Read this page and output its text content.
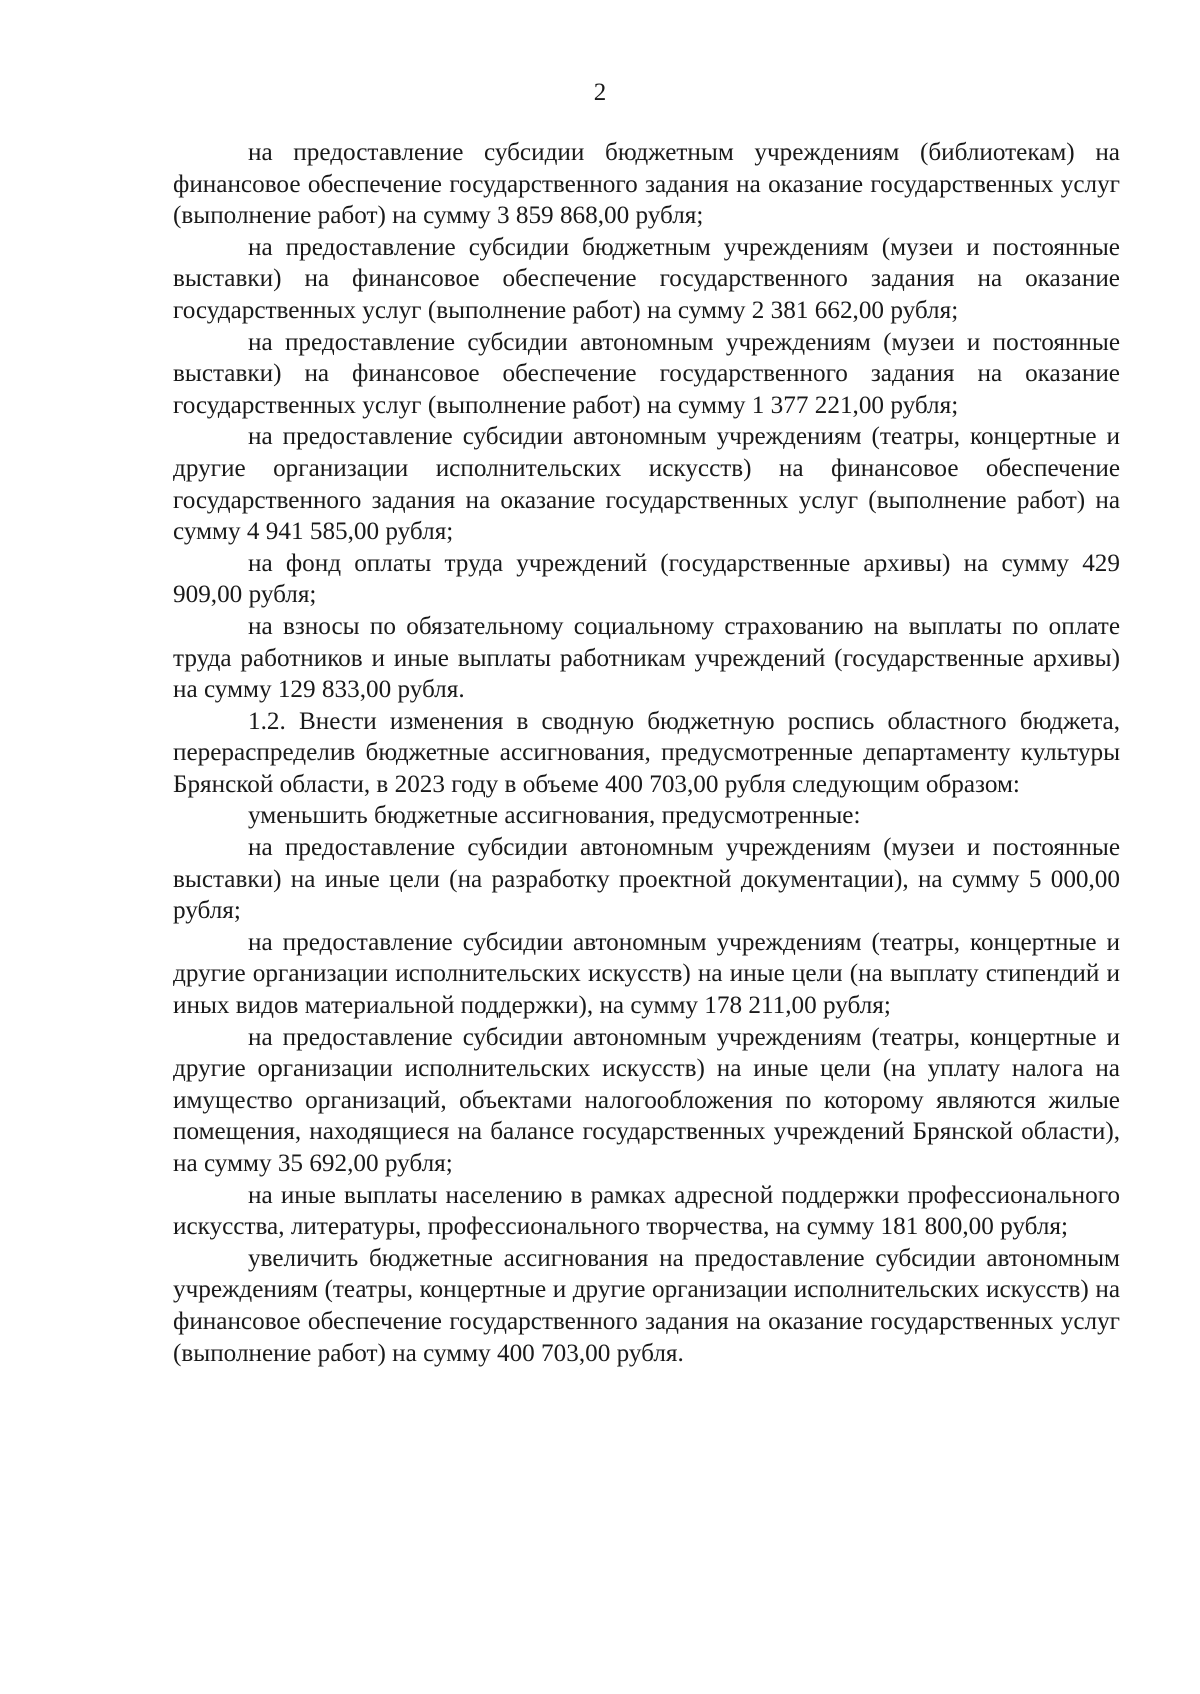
2

на предоставление субсидии бюджетным учреждениям (библиотекам) на финансовое обеспечение государственного задания на оказание государственных услуг (выполнение работ) на сумму 3 859 868,00 рубля;

на предоставление субсидии бюджетным учреждениям (музеи и постоянные выставки) на финансовое обеспечение государственного задания на оказание государственных услуг (выполнение работ) на сумму 2 381 662,00 рубля;

на предоставление субсидии автономным учреждениям (музеи и постоянные выставки) на финансовое обеспечение государственного задания на оказание государственных услуг (выполнение работ) на сумму 1 377 221,00 рубля;

на предоставление субсидии автономным учреждениям (театры, концертные и другие организации исполнительских искусств) на финансовое обеспечение государственного задания на оказание государственных услуг (выполнение работ) на сумму 4 941 585,00 рубля;

на фонд оплаты труда учреждений (государственные архивы) на сумму 429 909,00 рубля;

на взносы по обязательному социальному страхованию на выплаты по оплате труда работников и иные выплаты работникам учреждений (государственные архивы) на сумму 129 833,00 рубля.

1.2. Внести изменения в сводную бюджетную роспись областного бюджета, перераспределив бюджетные ассигнования, предусмотренные департаменту культуры Брянской области, в 2023 году в объеме 400 703,00 рубля следующим образом:

уменьшить бюджетные ассигнования, предусмотренные:

на предоставление субсидии автономным учреждениям (музеи и постоянные выставки) на иные цели (на разработку проектной документации), на сумму 5 000,00 рубля;

на предоставление субсидии автономным учреждениям (театры, концертные и другие организации исполнительских искусств) на иные цели (на выплату стипендий и иных видов материальной поддержки), на сумму 178 211,00 рубля;

на предоставление субсидии автономным учреждениям (театры, концертные и другие организации исполнительских искусств) на иные цели (на уплату налога на имущество организаций, объектами налогообложения по которому являются жилые помещения, находящиеся на балансе государственных учреждений Брянской области), на сумму 35 692,00 рубля;

на иные выплаты населению в рамках адресной поддержки профессионального искусства, литературы, профессионального творчества, на сумму 181 800,00 рубля;

увеличить бюджетные ассигнования на предоставление субсидии автономным учреждениям (театры, концертные и другие организации исполнительских искусств) на финансовое обеспечение государственного задания на оказание государственных услуг (выполнение работ) на сумму 400 703,00 рубля.
